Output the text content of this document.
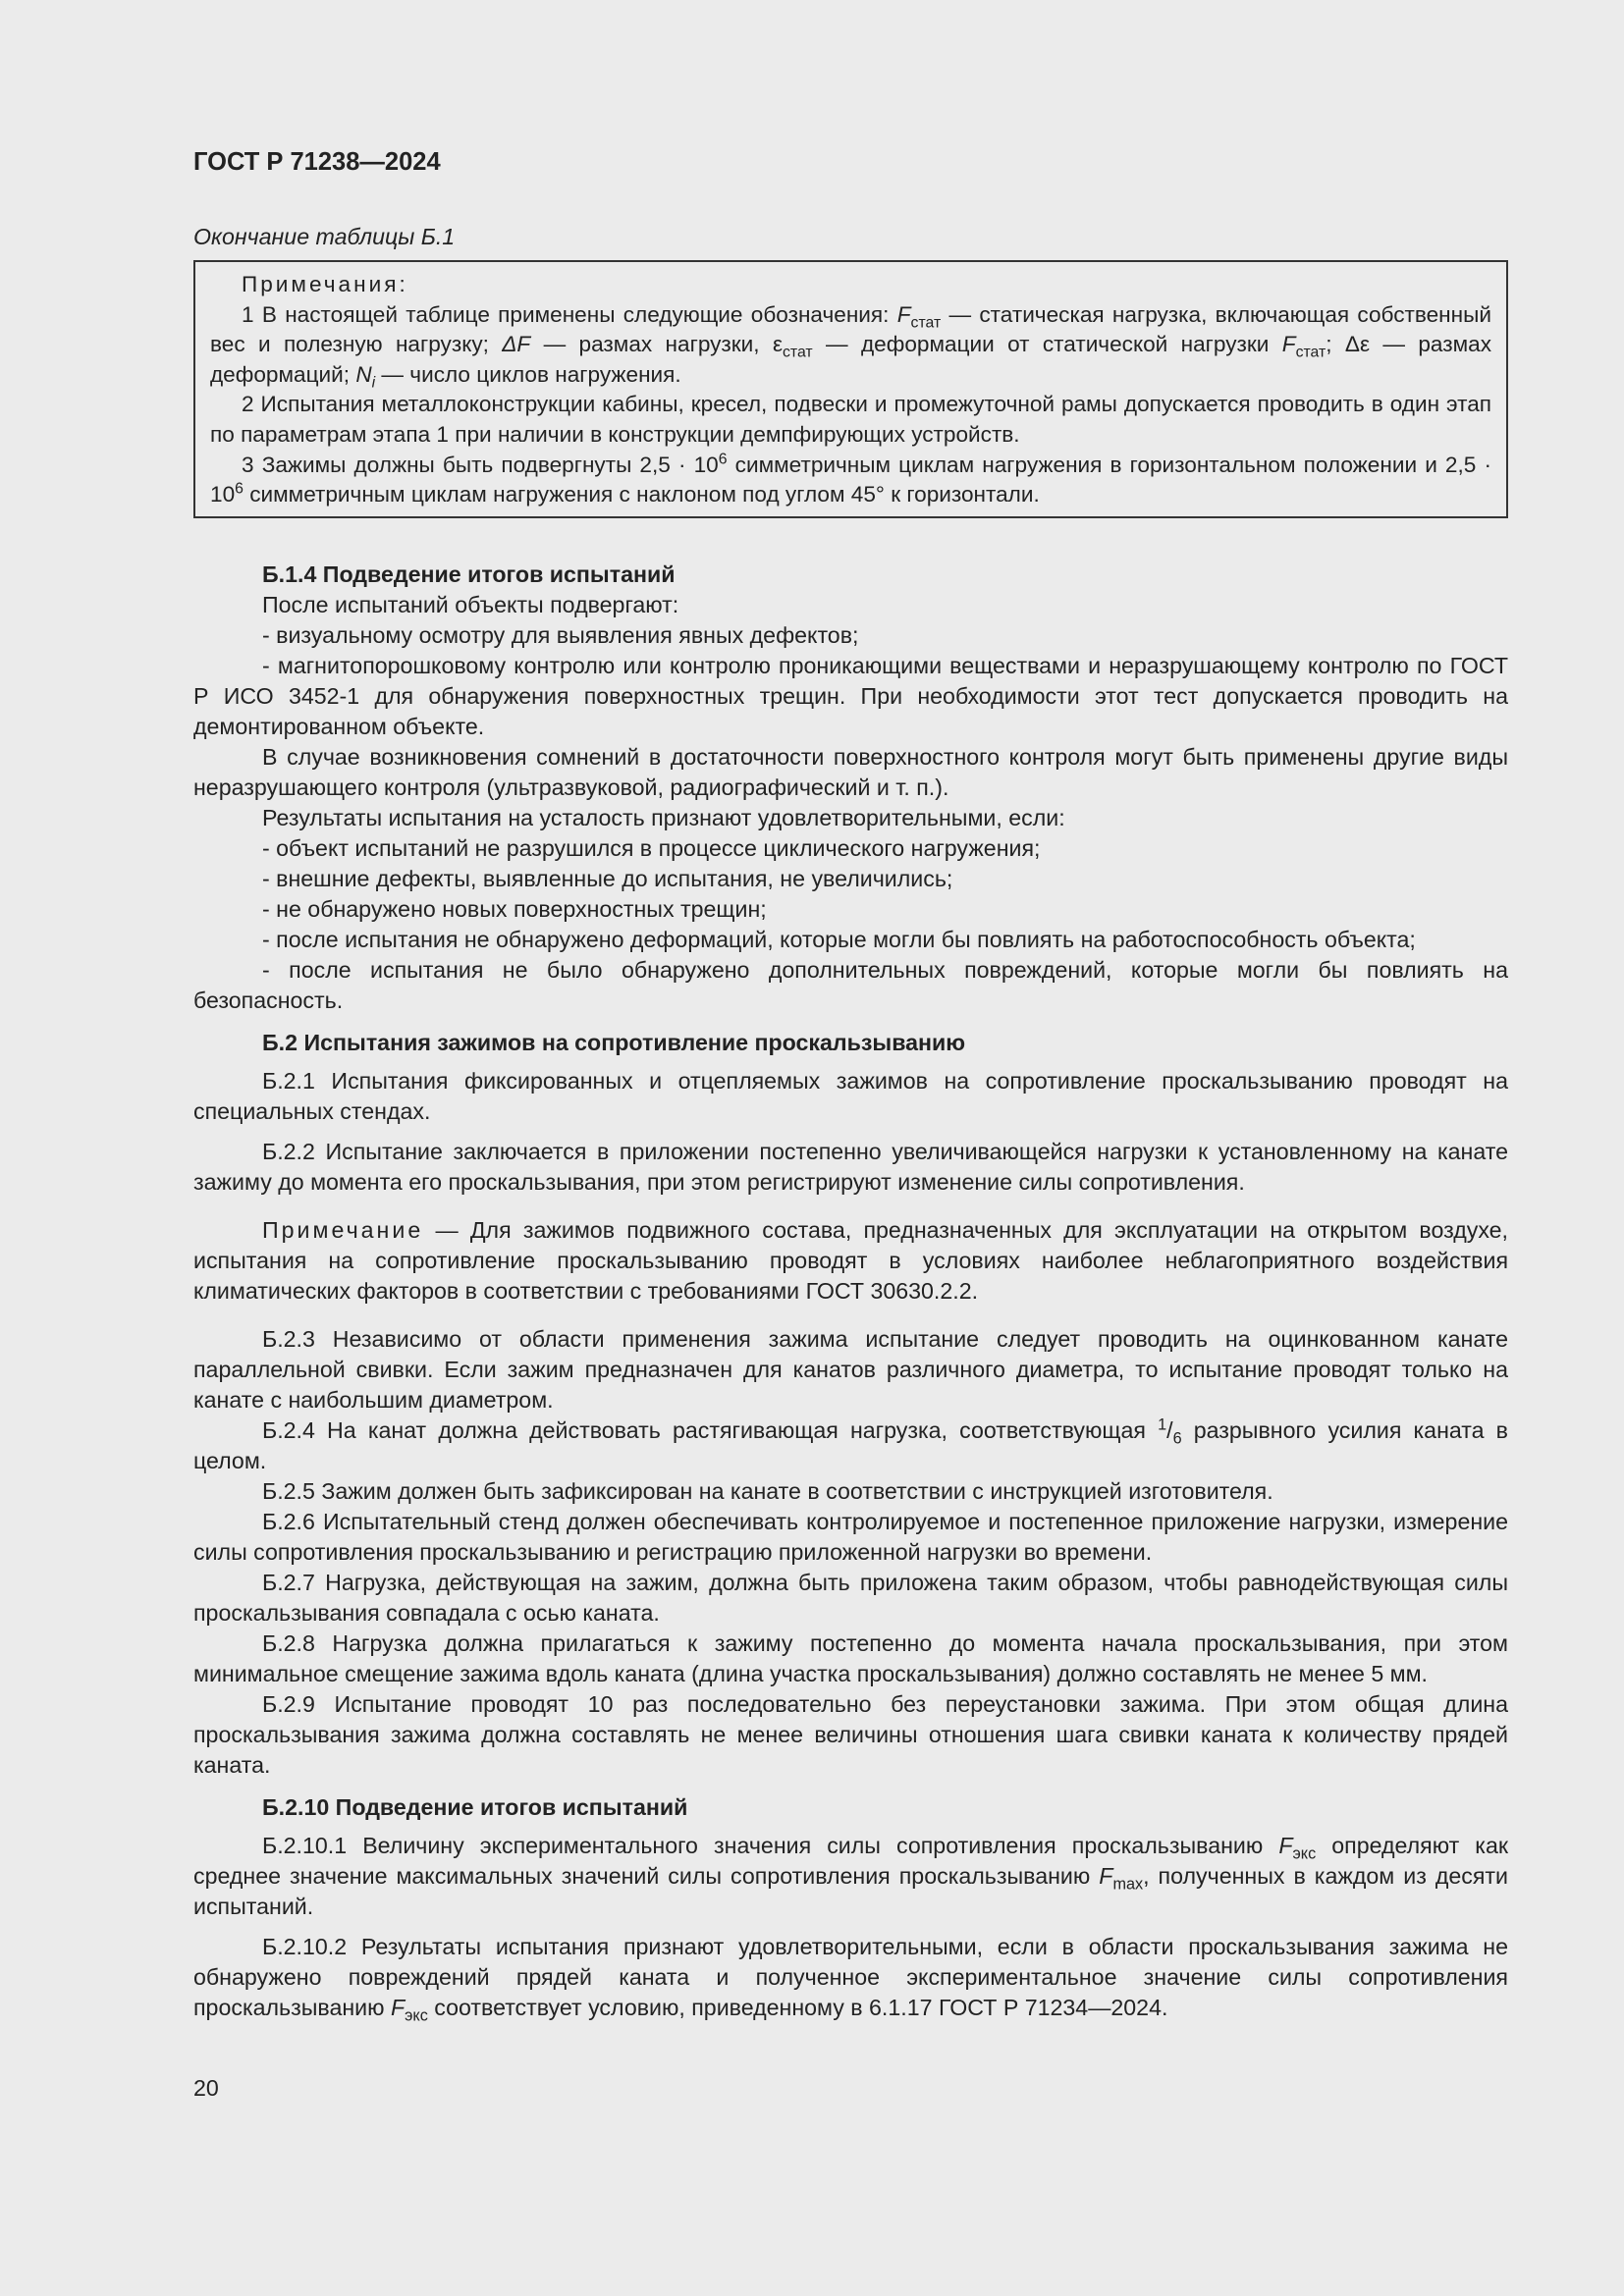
ГОСТ Р 71238—2024

Окончание таблицы Б.1

Примечания:

1 В настоящей таблице применены следующие обозначения: $F_{стат}$ — статическая нагрузка, включающая собственный вес и полезную нагрузку; ΔF — размах нагрузки, $\varepsilon_{стат}$ — деформации от статической нагрузки $F_{стат}$; Δε — размах деформаций; $N_i$ — число циклов нагружения.

2 Испытания металлоконструкции кабины, кресел, подвески и промежуточной рамы допускается проводить в один этап по параметрам этапа 1 при наличии в конструкции демпфирующих устройств.

3 Зажимы должны быть подвергнуты $2,5 \cdot 10^6$ симметричным циклам нагружения в горизонтальном положении и $2,5 \cdot 10^6$ симметричным циклам нагружения с наклоном под углом 45° к горизонтали.

Б.1.4 Подведение итогов испытаний

После испытаний объекты подвергают:

- визуальному осмотру для выявления явных дефектов;

- магнитопорошковому контролю или контролю проникающими веществами и неразрушающему контролю по ГОСТ Р ИСО 3452-1 для обнаружения поверхностных трещин. При необходимости этот тест допускается проводить на демонтированном объекте.

В случае возникновения сомнений в достаточности поверхностного контроля могут быть применены другие виды неразрушающего контроля (ультразвуковой, радиографический и т. п.).

Результаты испытания на усталость признают удовлетворительными, если:

- объект испытаний не разрушился в процессе циклического нагружения;

- внешние дефекты, выявленные до испытания, не увеличились;

- не обнаружено новых поверхностных трещин;

- после испытания не обнаружено деформаций, которые могли бы повлиять на работоспособность объекта;

- после испытания не было обнаружено дополнительных повреждений, которые могли бы повлиять на безопасность.

Б.2 Испытания зажимов на сопротивление проскальзыванию

Б.2.1 Испытания фиксированных и отцепляемых зажимов на сопротивление проскальзыванию проводят на специальных стендах.

Б.2.2 Испытание заключается в приложении постепенно увеличивающейся нагрузки к установленному на канате зажиму до момента его проскальзывания, при этом регистрируют изменение силы сопротивления.

Примечание — Для зажимов подвижного состава, предназначенных для эксплуатации на открытом воздухе, испытания на сопротивление проскальзыванию проводят в условиях наиболее неблагоприятного воздействия климатических факторов в соответствии с требованиями ГОСТ 30630.2.2.

Б.2.3 Независимо от области применения зажима испытание следует проводить на оцинкованном канате параллельной свивки. Если зажим предназначен для канатов различного диаметра, то испытание проводят только на канате с наибольшим диаметром.

Б.2.4 На канат должна действовать растягивающая нагрузка, соответствующая $^1/_6$ разрывного усилия каната в целом.

Б.2.5 Зажим должен быть зафиксирован на канате в соответствии с инструкцией изготовителя.

Б.2.6 Испытательный стенд должен обеспечивать контролируемое и постепенное приложение нагрузки, измерение силы сопротивления проскальзыванию и регистрацию приложенной нагрузки во времени.

Б.2.7 Нагрузка, действующая на зажим, должна быть приложена таким образом, чтобы равнодействующая силы проскальзывания совпадала с осью каната.

Б.2.8 Нагрузка должна прилагаться к зажиму постепенно до момента начала проскальзывания, при этом минимальное смещение зажима вдоль каната (длина участка проскальзывания) должно составлять не менее 5 мм.

Б.2.9 Испытание проводят 10 раз последовательно без переустановки зажима. При этом общая длина проскальзывания зажима должна составлять не менее величины отношения шага свивки каната к количеству прядей каната.

Б.2.10 Подведение итогов испытаний

Б.2.10.1 Величину экспериментального значения силы сопротивления проскальзыванию $F_{экс}$ определяют как среднее значение максимальных значений силы сопротивления проскальзыванию $F_{max}$, полученных в каждом из десяти испытаний.

Б.2.10.2 Результаты испытания признают удовлетворительными, если в области проскальзывания зажима не обнаружено повреждений прядей каната и полученное экспериментальное значение силы сопротивления проскальзыванию $F_{экс}$ соответствует условию, приведенному в 6.1.17 ГОСТ Р 71234—2024.

20
